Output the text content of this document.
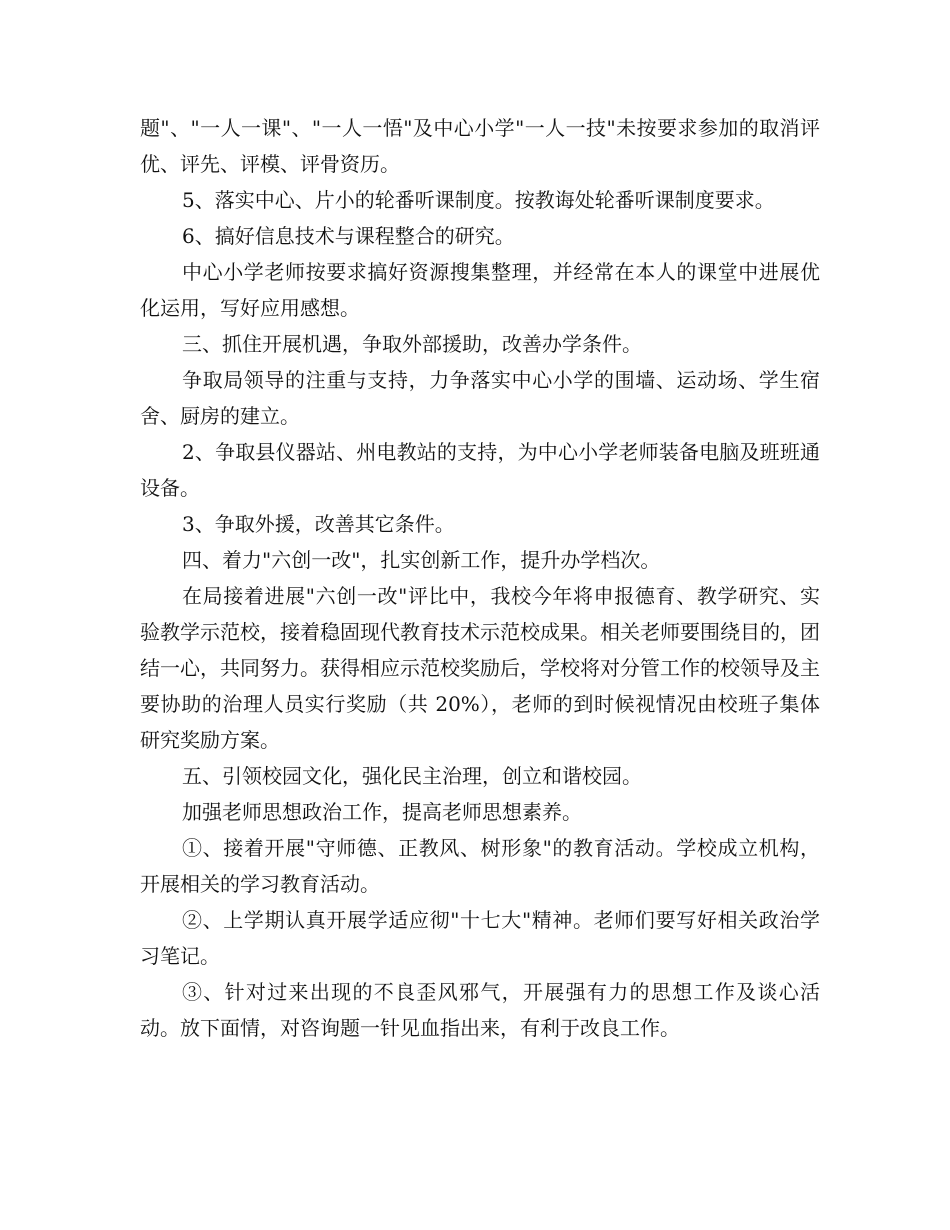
题"、"一人一课"、"一人一悟"及中心小学"一人一技"未按要求参加的取消评优、评先、评模、评骨资历。

5、落实中心、片小的轮番听课制度。按教诲处轮番听课制度要求。

6、搞好信息技术与课程整合的研究。

中心小学老师按要求搞好资源搜集整理，并经常在本人的课堂中进展优化运用，写好应用感想。

三、抓住开展机遇，争取外部援助，改善办学条件。

争取局领导的注重与支持，力争落实中心小学的围墙、运动场、学生宿舍、厨房的建立。

2、争取县仪器站、州电教站的支持，为中心小学老师装备电脑及班班通设备。

3、争取外援，改善其它条件。

四、着力"六创一改"，扎实创新工作，提升办学档次。

在局接着进展"六创一改"评比中，我校今年将申报德育、教学研究、实验教学示范校，接着稳固现代教育技术示范校成果。相关老师要围绕目的，团结一心，共同努力。获得相应示范校奖励后，学校将对分管工作的校领导及主要协助的治理人员实行奖励（共 20%），老师的到时候视情况由校班子集体研究奖励方案。

五、引领校园文化，强化民主治理，创立和谐校园。

加强老师思想政治工作，提高老师思想素养。

①、接着开展"守师德、正教风、树形象"的教育活动。学校成立机构，开展相关的学习教育活动。

②、上学期认真开展学适应彻"十七大"精神。老师们要写好相关政治学习笔记。

③、针对过来出现的不良歪风邪气，开展强有力的思想工作及谈心活动。放下面情，对咨询题一针见血指出来，有利于改良工作。
